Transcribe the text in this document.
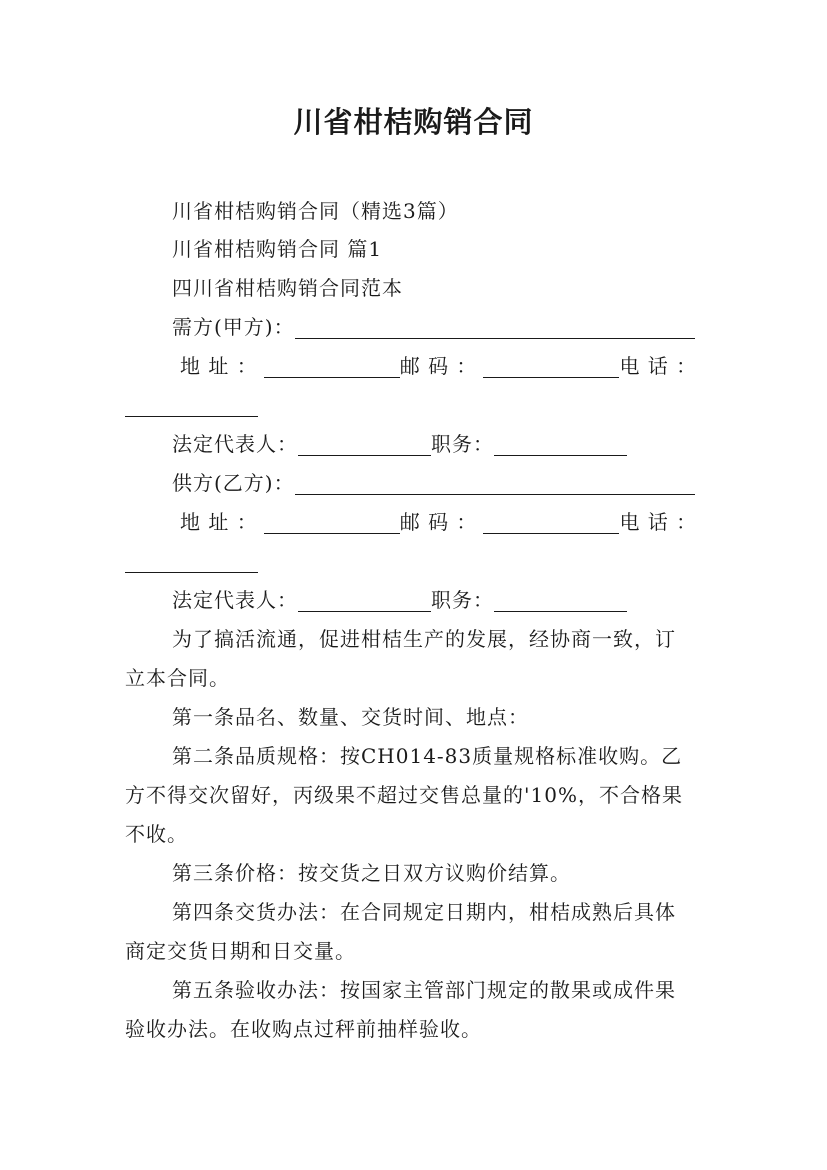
川省柑桔购销合同
川省柑桔购销合同（精选3篇）
川省柑桔购销合同 篇1
四川省柑桔购销合同范本
需方(甲方)：
地 址 ：	邮 码 ：	电 话 ：
法定代表人：	职务：
供方(乙方)：
地 址 ：	邮 码 ：	电 话 ：
法定代表人：	职务：
为了搞活流通，促进柑桔生产的发展，经协商一致，订
立本合同。
第一条品名、数量、交货时间、地点：
第二条品质规格：按CH014-83质量规格标准收购。乙
方不得交次留好，丙级果不超过交售总量的'10%，不合格果
不收。
第三条价格：按交货之日双方议购价结算。
第四条交货办法：在合同规定日期内，柑桔成熟后具体
商定交货日期和日交量。
第五条验收办法：按国家主管部门规定的散果或成件果
验收办法。在收购点过秤前抽样验收。
